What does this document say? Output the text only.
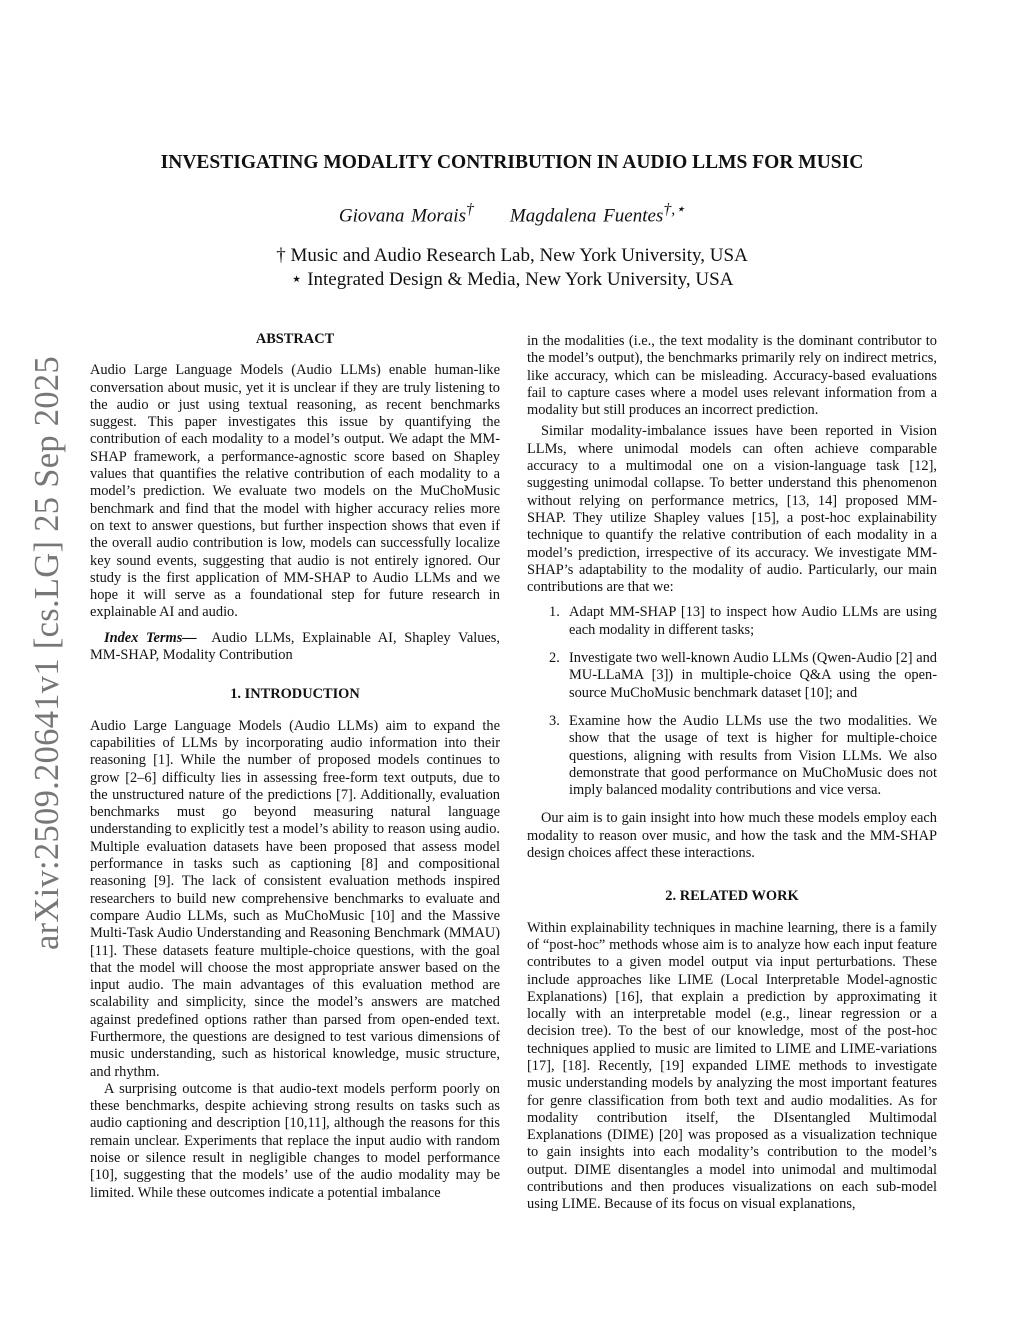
arXiv:2509.20641v1 [cs.LG] 25 Sep 2025
INVESTIGATING MODALITY CONTRIBUTION IN AUDIO LLMS FOR MUSIC
Giovana Morais† Magdalena Fuentes†,⋆
† Music and Audio Research Lab, New York University, USA
⋆ Integrated Design & Media, New York University, USA
ABSTRACT

Audio Large Language Models (Audio LLMs) enable human-like conversation about music, yet it is unclear if they are truly listening to the audio or just using textual reasoning, as recent benchmarks suggest. This paper investigates this issue by quantifying the contribution of each modality to a model’s output. We adapt the MM-SHAP framework, a performance-agnostic score based on Shapley values that quantifies the relative contribution of each modality to a model’s prediction. We evaluate two models on the MuChoMusic benchmark and find that the model with higher accuracy relies more on text to answer questions, but further inspection shows that even if the overall audio contribution is low, models can successfully localize key sound events, suggesting that audio is not entirely ignored. Our study is the first application of MM-SHAP to Audio LLMs and we hope it will serve as a foundational step for future research in explainable AI and audio.

Index Terms— Audio LLMs, Explainable AI, Shapley Values, MM-SHAP, Modality Contribution

1. INTRODUCTION

Audio Large Language Models (Audio LLMs) aim to expand the capabilities of LLMs by incorporating audio information into their reasoning [1]. While the number of proposed models continues to grow [2–6] difficulty lies in assessing free-form text outputs, due to the unstructured nature of the predictions [7]. Additionally, evaluation benchmarks must go beyond measuring natural language understanding to explicitly test a model’s ability to reason using audio. Multiple evaluation datasets have been proposed that assess model performance in tasks such as captioning [8] and compositional reasoning [9]. The lack of consistent evaluation methods inspired researchers to build new comprehensive benchmarks to evaluate and compare Audio LLMs, such as MuChoMusic [10] and the Massive Multi-Task Audio Understanding and Reasoning Benchmark (MMAU) [11]. These datasets feature multiple-choice questions, with the goal that the model will choose the most appropriate answer based on the input audio. The main advantages of this evaluation method are scalability and simplicity, since the model’s answers are matched against predefined options rather than parsed from open-ended text. Furthermore, the questions are designed to test various dimensions of music understanding, such as historical knowledge, music structure, and rhythm.

A surprising outcome is that audio-text models perform poorly on these benchmarks, despite achieving strong results on tasks such as audio captioning and description [10,11], although the reasons for this remain unclear. Experiments that replace the input audio with random noise or silence result in negligible changes to model performance [10], suggesting that the models’ use of the audio modality may be limited. While these outcomes indicate a potential imbalance

in the modalities (i.e., the text modality is the dominant contributor to the model’s output), the benchmarks primarily rely on indirect metrics, like accuracy, which can be misleading. Accuracy-based evaluations fail to capture cases where a model uses relevant information from a modality but still produces an incorrect prediction.

Similar modality-imbalance issues have been reported in Vision LLMs, where unimodal models can often achieve comparable accuracy to a multimodal one on a vision-language task [12], suggesting unimodal collapse. To better understand this phenomenon without relying on performance metrics, [13, 14] proposed MM-SHAP. They utilize Shapley values [15], a post-hoc explainability technique to quantify the relative contribution of each modality in a model’s prediction, irrespective of its accuracy. We investigate MM-SHAP’s adaptability to the modality of audio. Particularly, our main contributions are that we:

1. Adapt MM-SHAP [13] to inspect how Audio LLMs are using each modality in different tasks;
2. Investigate two well-known Audio LLMs (Qwen-Audio [2] and MU-LLaMA [3]) in multiple-choice Q&A using the open-source MuChoMusic benchmark dataset [10]; and
3. Examine how the Audio LLMs use the two modalities. We show that the usage of text is higher for multiple-choice questions, aligning with results from Vision LLMs. We also demonstrate that good performance on MuChoMusic does not imply balanced modality contributions and vice versa.

Our aim is to gain insight into how much these models employ each modality to reason over music, and how the task and the MM-SHAP design choices affect these interactions.

2. RELATED WORK

Within explainability techniques in machine learning, there is a family of “post-hoc” methods whose aim is to analyze how each input feature contributes to a given model output via input perturbations. These include approaches like LIME (Local Interpretable Model-agnostic Explanations) [16], that explain a prediction by approximating it locally with an interpretable model (e.g., linear regression or a decision tree). To the best of our knowledge, most of the post-hoc techniques applied to music are limited to LIME and LIME-variations [17], [18]. Recently, [19] expanded LIME methods to investigate music understanding models by analyzing the most important features for genre classification from both text and audio modalities. As for modality contribution itself, the DIsentangled Multimodal Explanations (DIME) [20] was proposed as a visualization technique to gain insights into each modality’s contribution to the model’s output. DIME disentangles a model into unimodal and multimodal contributions and then produces visualizations on each sub-model using LIME. Because of its focus on visual explanations,
